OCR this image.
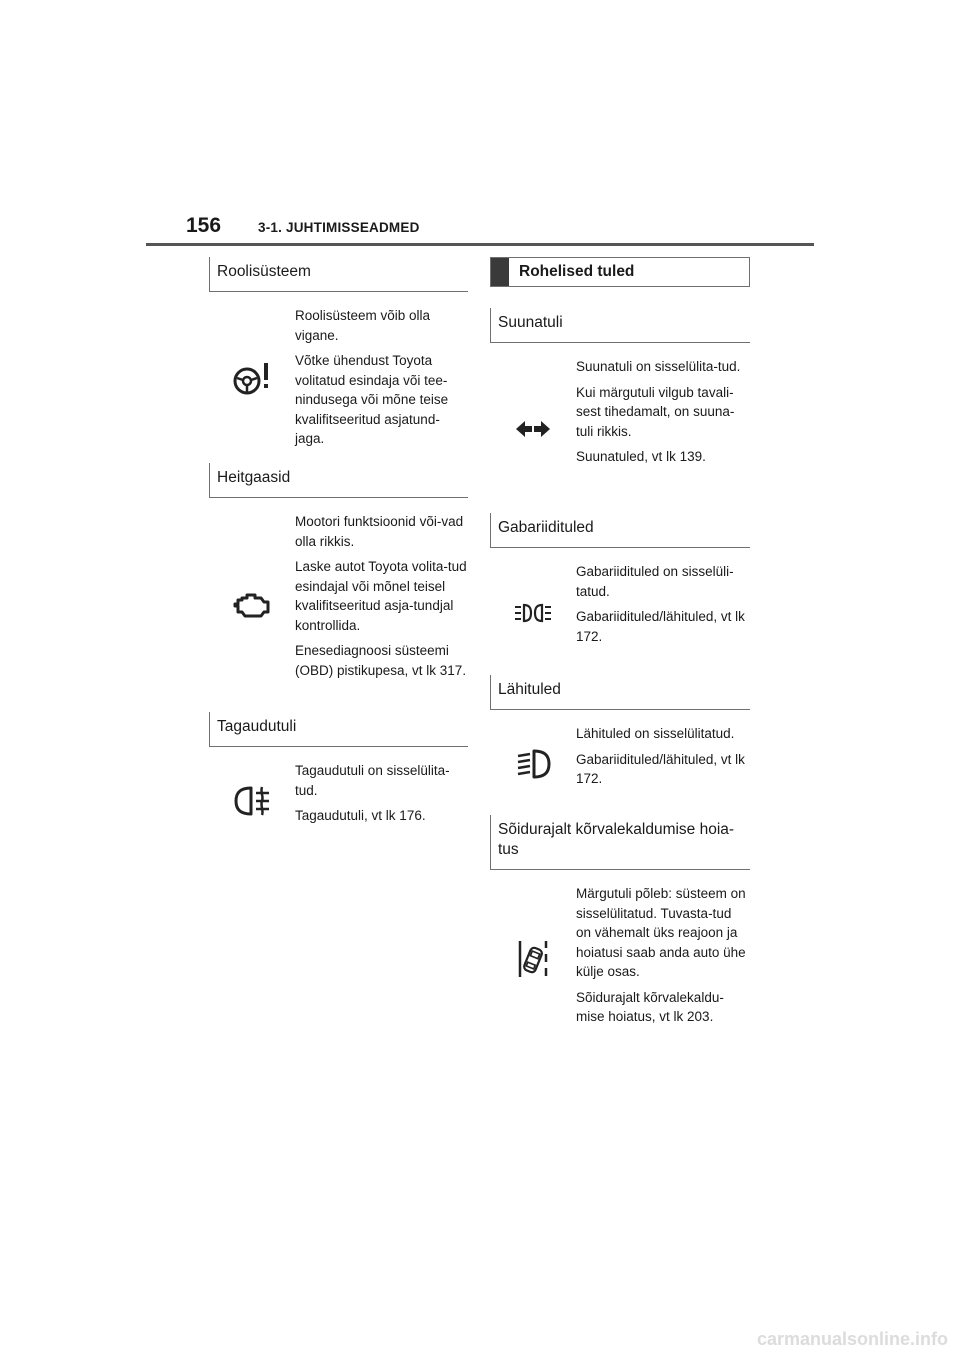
156	3-1. JUHTIMISSEADMED
Roolisüsteem

Roolisüsteem võib olla vigane.

Võtke ühendust Toyota volitatud esindaja või tee-nindusega või mõne teise kvalifitseeritud asjatund-jaga.

Heitgaasid

Mootori funktsioonid või-vad olla rikkis.

Laske autot Toyota volita-tud esindajal või mõnel teisel kvalifitseeritud asja-tundjal kontrollida.

Enesediagnoosi süsteemi (OBD) pistikupesa, vt lk 317.

Tagaudutuli

Tagaudutuli on sisselülita-tud.

Tagaudutuli, vt lk 176.

Rohelised tuled
Suunatuli

Suunatuli on sisselülita-tud.

Kui märgutuli vilgub tavali-sest tihedamalt, on suuna-tuli rikkis.

Suunatuled, vt lk 139.

Gabariidituled

Gabariidituled on sisselüli-tatud.

Gabariidituled/lähituled, vt lk 172.

Lähituled

Lähituled on sisselülitatud.

Gabariidituled/lähituled, vt lk 172.

Sõidurajalt kõrvalekaldumise hoia-tus

Märgutuli põleb: süsteem on sisselülitatud. Tuvasta-tud on vähemalt üks reajoon ja hoiatusi saab anda auto ühe külje osas.

Sõidurajalt kõrvalekaldu-mise hoiatus, vt lk 203.

carmanualsonline.info
